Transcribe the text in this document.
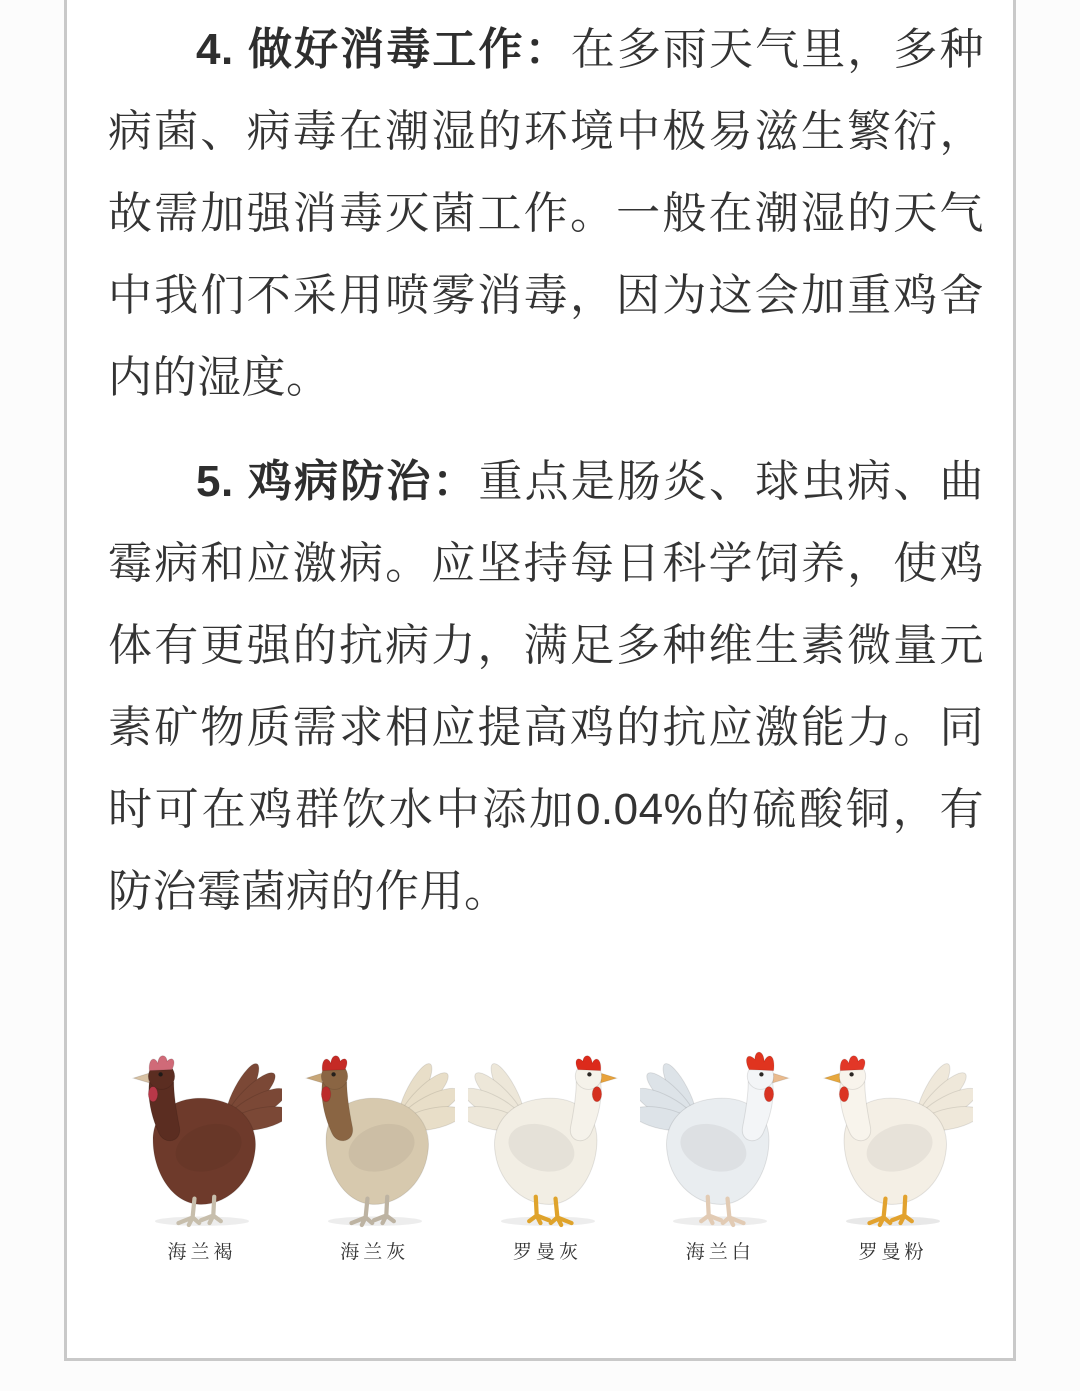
4. 做好消毒工作：在多雨天气里，多种病菌、病毒在潮湿的环境中极易滋生繁衍，故需加强消毒灭菌工作。一般在潮湿的天气中我们不采用喷雾消毒，因为这会加重鸡舍内的湿度。

5. 鸡病防治：重点是肠炎、球虫病、曲霉病和应激病。应坚持每日科学饲养，使鸡体有更强的抗病力，满足多种维生素微量元素矿物质需求相应提高鸡的抗应激能力。同时可在鸡群饮水中添加0.04%的硫酸铜，有防治霉菌病的作用。

海兰褐	海兰灰	罗曼灰	海兰白	罗曼粉
